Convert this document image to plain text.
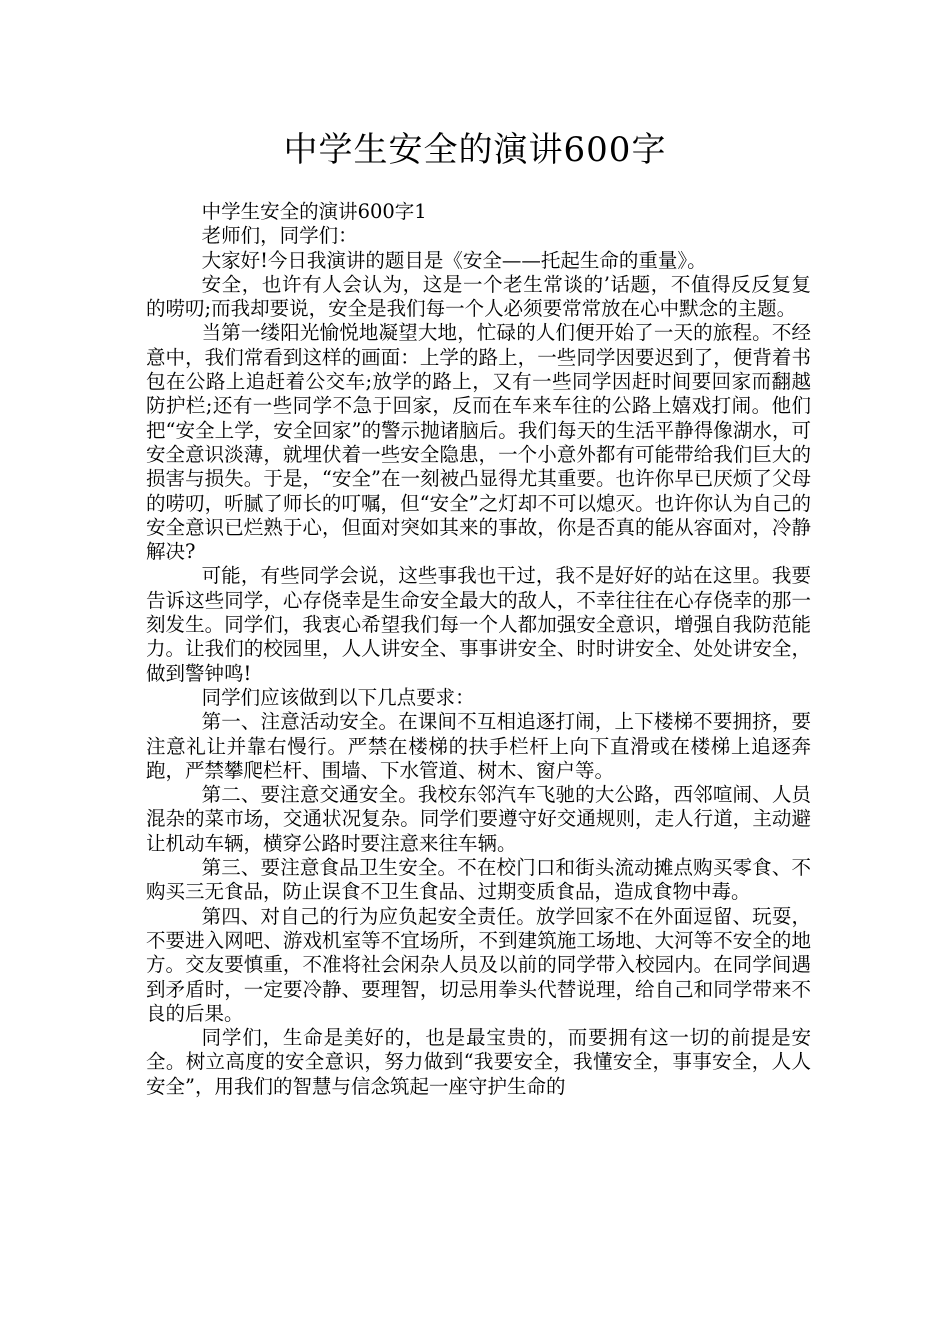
中学生安全的演讲600字

中学生安全的演讲600字1

老师们，同学们：

大家好!今日我演讲的题目是《安全——托起生命的重量》。

安全，也许有人会认为，这是一个老生常谈的’话题，不值得反反复复的唠叨;而我却要说，安全是我们每一个人必须要常常放在心中默念的主题。

当第一缕阳光愉悦地凝望大地，忙碌的人们便开始了一天的旅程。不经意中，我们常看到这样的画面：上学的路上，一些同学因要迟到了，便背着书包在公路上追赶着公交车;放学的路上，又有一些同学因赶时间要回家而翻越防护栏;还有一些同学不急于回家，反而在车来车往的公路上嬉戏打闹。他们把“安全上学，安全回家”的警示抛诸脑后。我们每天的生活平静得像湖水，可安全意识淡薄，就埋伏着一些安全隐患，一个小意外都有可能带给我们巨大的损害与损失。于是，“安全”在一刻被凸显得尤其重要。也许你早已厌烦了父母的唠叨，听腻了师长的叮嘱，但“安全”之灯却不可以熄灭。也许你认为自己的安全意识已烂熟于心，但面对突如其来的事故，你是否真的能从容面对，冷静解决?

可能，有些同学会说，这些事我也干过，我不是好好的站在这里。我要告诉这些同学，心存侥幸是生命安全最大的敌人，不幸往往在心存侥幸的那一刻发生。同学们，我衷心希望我们每一个人都加强安全意识，增强自我防范能力。让我们的校园里，人人讲安全、事事讲安全、时时讲安全、处处讲安全，做到警钟鸣!

同学们应该做到以下几点要求：

第一、注意活动安全。在课间不互相追逐打闹，上下楼梯不要拥挤，要注意礼让并靠右慢行。严禁在楼梯的扶手栏杆上向下直滑或在楼梯上追逐奔跑，严禁攀爬栏杆、围墙、下水管道、树木、窗户等。

第二、要注意交通安全。我校东邻汽车飞驰的大公路，西邻喧闹、人员混杂的菜市场，交通状况复杂。同学们要遵守好交通规则，走人行道，主动避让机动车辆，横穿公路时要注意来往车辆。

第三、要注意食品卫生安全。不在校门口和街头流动摊点购买零食、不购买三无食品，防止误食不卫生食品、过期变质食品，造成食物中毒。

第四、对自己的行为应负起安全责任。放学回家不在外面逗留、玩耍，不要进入网吧、游戏机室等不宜场所，不到建筑施工场地、大河等不安全的地方。交友要慎重，不准将社会闲杂人员及以前的同学带入校园内。在同学间遇到矛盾时，一定要冷静、要理智，切忌用拳头代替说理，给自己和同学带来不良的后果。

同学们，生命是美好的，也是最宝贵的，而要拥有这一切的前提是安全。树立高度的安全意识，努力做到“我要安全，我懂安全，事事安全，人人安全”，用我们的智慧与信念筑起一座守护生命的
